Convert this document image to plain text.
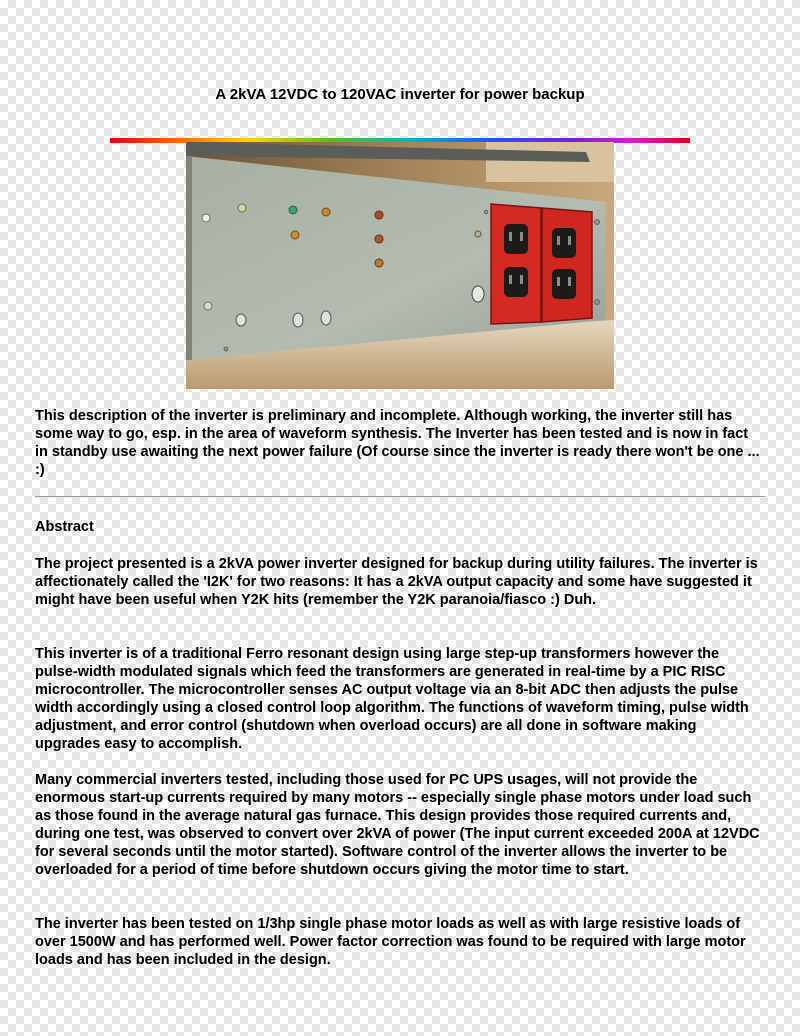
A 2kVA 12VDC to 120VAC inverter for power backup
This description of the inverter is preliminary and incomplete. Although working, the inverter still has some way to go, esp. in the area of waveform synthesis. The Inverter has been tested and is now in fact in standby use awaiting the next power failure (Of course since the inverter is ready there won't be one ... :)
Abstract
The project presented is a 2kVA power inverter designed for backup during utility failures. The inverter is affectionately called the 'I2K' for two reasons: It has a 2kVA output capacity and some have suggested it might have been useful when Y2K hits (remember the Y2K paranoia/fiasco :) Duh.
This inverter is of a traditional Ferro resonant design using large step-up transformers however the pulse-width modulated signals which feed the transformers are generated in real-time by a PIC RISC microcontroller. The microcontroller senses AC output voltage via an 8-bit ADC then adjusts the pulse width accordingly using a closed control loop algorithm. The functions of waveform timing, pulse width adjustment, and error control (shutdown when overload occurs) are all done in software making upgrades easy to accomplish.
Many commercial inverters tested, including those used for PC UPS usages, will not provide the enormous start-up currents required by many motors -- especially single phase motors under load such as those found in the average natural gas furnace. This design provides those required currents and, during one test, was observed to convert over 2kVA of power (The input current exceeded 200A at 12VDC for several seconds until the motor started). Software control of the inverter allows the inverter to be overloaded for a period of time before shutdown occurs giving the motor time to start.
The inverter has been tested on 1/3hp single phase motor loads as well as with large resistive loads of over 1500W and has performed well. Power factor correction was found to be required with large motor loads and has been included in the design.
